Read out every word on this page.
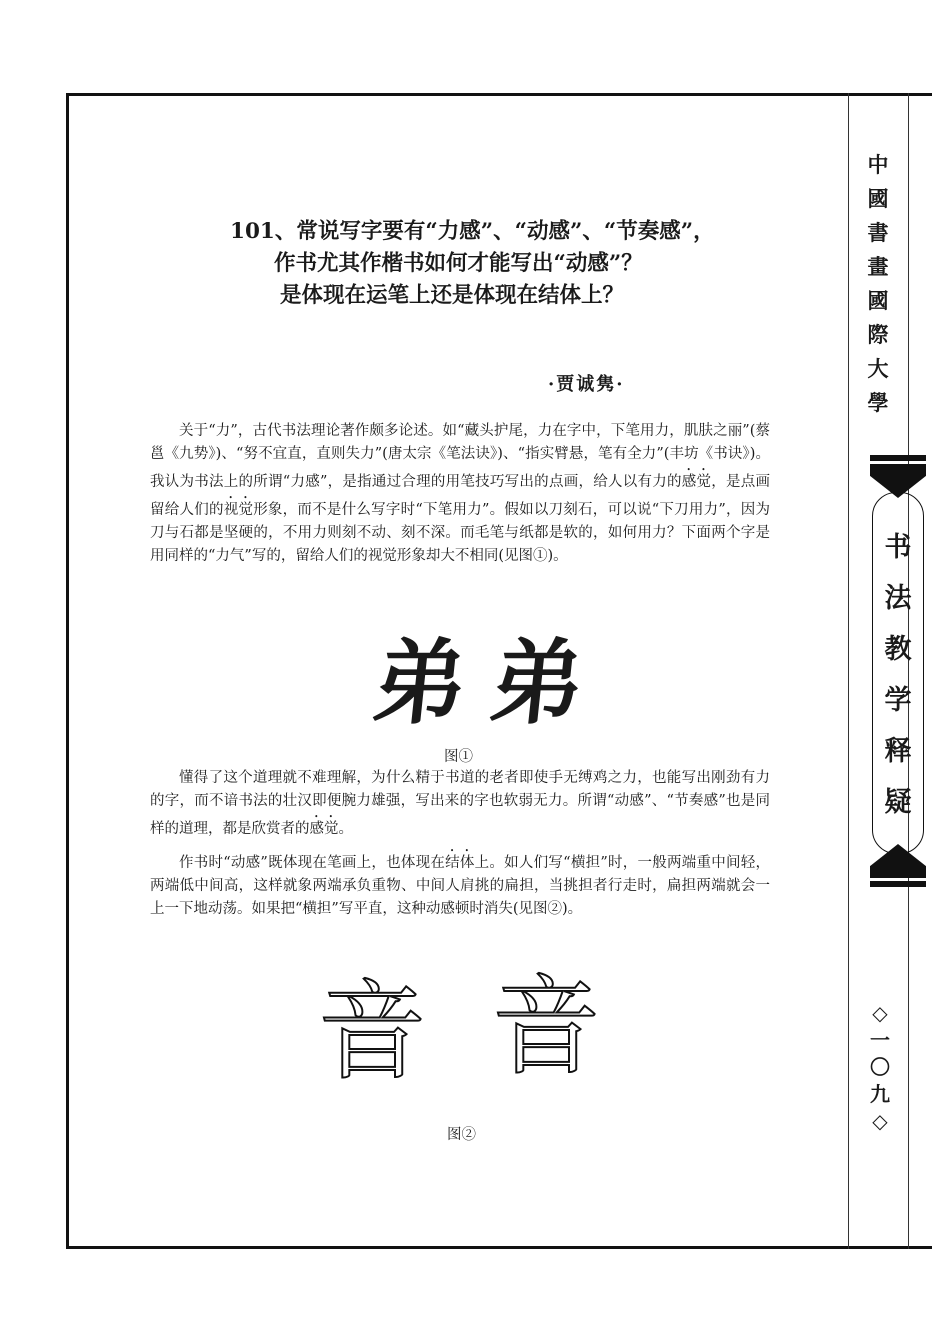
中
國
書
畫
國
際
大
學
书
法
教
学
释
疑
◇
一
〇
九
◇
101、常说写字要有“力感”、“动感”、“节奏感”，
作书尤其作楷书如何才能写出“动感”？
是体现在运笔上还是体现在结体上？
·贾诚隽·
关于“力”，古代书法理论著作颇多论述。如“藏头护尾，力在字中，下笔用力，肌肤之丽”(蔡邕《九势》)、“努不宜直，直则失力”(唐太宗《笔法诀》)、“指实臂悬，笔有全力”(丰坊《书诀》)。我认为书法上的所谓“力感”，是指通过合理的用笔技巧写出的点画，给人以有力的感觉，是点画留给人们的视觉形象，而不是什么写字时“下笔用力”。假如以刀刻石，可以说“下刀用力”，因为刀与石都是坚硬的，不用力则刻不动、刻不深。而毛笔与纸都是软的，如何用力？下面两个字是用同样的“力气”写的，留给人们的视觉形象却大不相同(见图①)。
弟 弟
图①
懂得了这个道理就不难理解，为什么精于书道的老者即使手无缚鸡之力，也能写出刚劲有力的字，而不谙书法的壮汉即便腕力雄强，写出来的字也软弱无力。所谓“动感”、“节奏感”也是同样的道理，都是欣赏者的感觉。
作书时“动感”既体现在笔画上，也体现在结体上。如人们写“横担”时，一般两端重中间轻，两端低中间高，这样就象两端承负重物、中间人肩挑的扁担，当挑担者行走时，扁担两端就会一上一下地动荡。如果把“横担”写平直，这种动感顿时消失(见图②)。
音 音
图②
